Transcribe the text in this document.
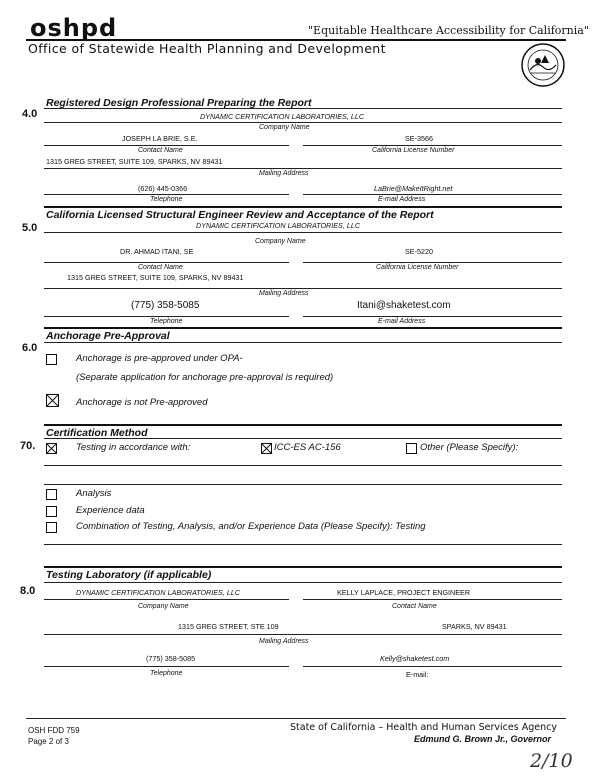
oshpd	"Equitable Healthcare Accessibility for California"
Office of Statewide Health Planning and Development
4.0
Registered Design Professional Preparing the Report
DYNAMIC CERTIFICATION LABORATORIES, LLC
Company Name
JOSEPH LA BRIE, S.E.	SE-3566
Contact Name	California License Number
1315 GREG STREET, SUITE 109, SPARKS, NV 89431
Mailing Address
(626) 445-0366	LaBrie@MakeItRight.net
Telephone	E-mail Address
California Licensed Structural Engineer Review and Acceptance of the Report
5.0	DYNAMIC CERTIFICATION LABORATORIES, LLC
Company Name
DR. AHMAD ITANI, SE	SE-5220
Contact Name	California License Number
1315 GREG STREET, SUITE 109, SPARKS, NV 89431
Mailing Address
(775) 358-5085	Itani@shaketest.com
Telephone	E-mail Address
Anchorage Pre-Approval
6.0
Anchorage is pre-approved under OPA-
(Separate application for anchorage pre-approval is required)
Anchorage is not Pre-approved
Certification Method
70.	Testing in accordance with:	ICC-ES AC-156	Other (Please Specify):
Analysis
Experience data
Combination of Testing, Analysis, and/or Experience Data (Please Specify): Testing
Testing Laboratory (if applicable)
8.0	DYNAMIC CERTIFICATION LABORATORIES, LLC	KELLY LAPLACE, PROJECT ENGINEER
Company Name	Contact Name
1315 GREG STREET, STE 109	SPARKS, NV 89431
Mailing Address
(775) 358-5085	Kelly@shaketest.com
Telephone	E-mail:
OSH FDD 759
Page 2 of 3
State of California – Health and Human Services Agency
Edmund G. Brown Jr., Governor
2/10
